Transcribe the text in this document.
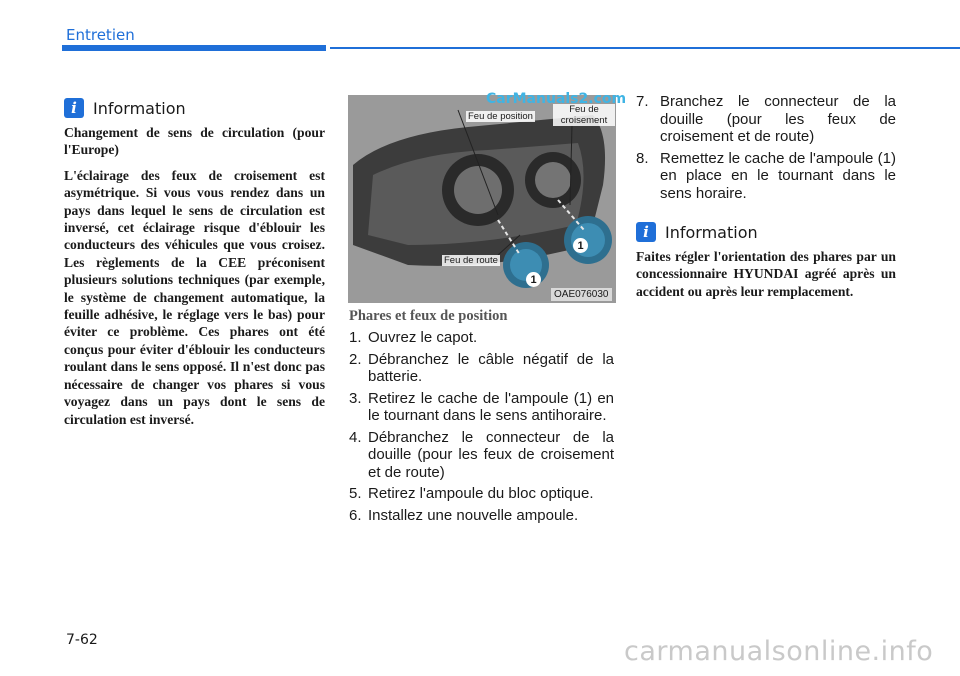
Entretien
i	Information

Changement de sens de circulation (pour l'Europe)

L'éclairage des feux de croisement est asymétrique. Si vous vous rendez dans un pays dans lequel le sens de circulation est inversé, cet éclairage risque d'éblouir les conducteurs des véhicules que vous croisez. Les règlements de la CEE préconisent plusieurs solutions techniques (par exemple, le système de changement automatique, la feuille adhésive, le réglage vers le bas) pour éviter ce problème. Ces phares ont été conçus pour éviter d'éblouir les conducteurs roulant dans le sens opposé. Il n'est donc pas nécessaire de changer vos phares si vous voyagez dans un pays dont le sens de circulation est inversé.

Feu de position
Feu de croisement
Feu de route
1
1
CarManuals2.com
OAE076030
Phares et feux de position
1. Ouvrez le capot.
2. Débranchez le câble négatif de la batterie.
3. Retirez le cache de l'ampoule (1) en le tournant dans le sens antihoraire.
4. Débranchez le connecteur de la douille (pour les feux de croisement et de route)
5. Retirez l'ampoule du bloc optique.
6. Installez une nouvelle ampoule.
7. Branchez le connecteur de la douille (pour les feux de croisement et de route)
8. Remettez le cache de l'ampoule (1) en place en le tournant dans le sens horaire.
i	Information

Faites régler l'orientation des phares par un concessionnaire HYUNDAI agréé après un accident ou après leur remplacement.

7-62	carmanualsonline.info
